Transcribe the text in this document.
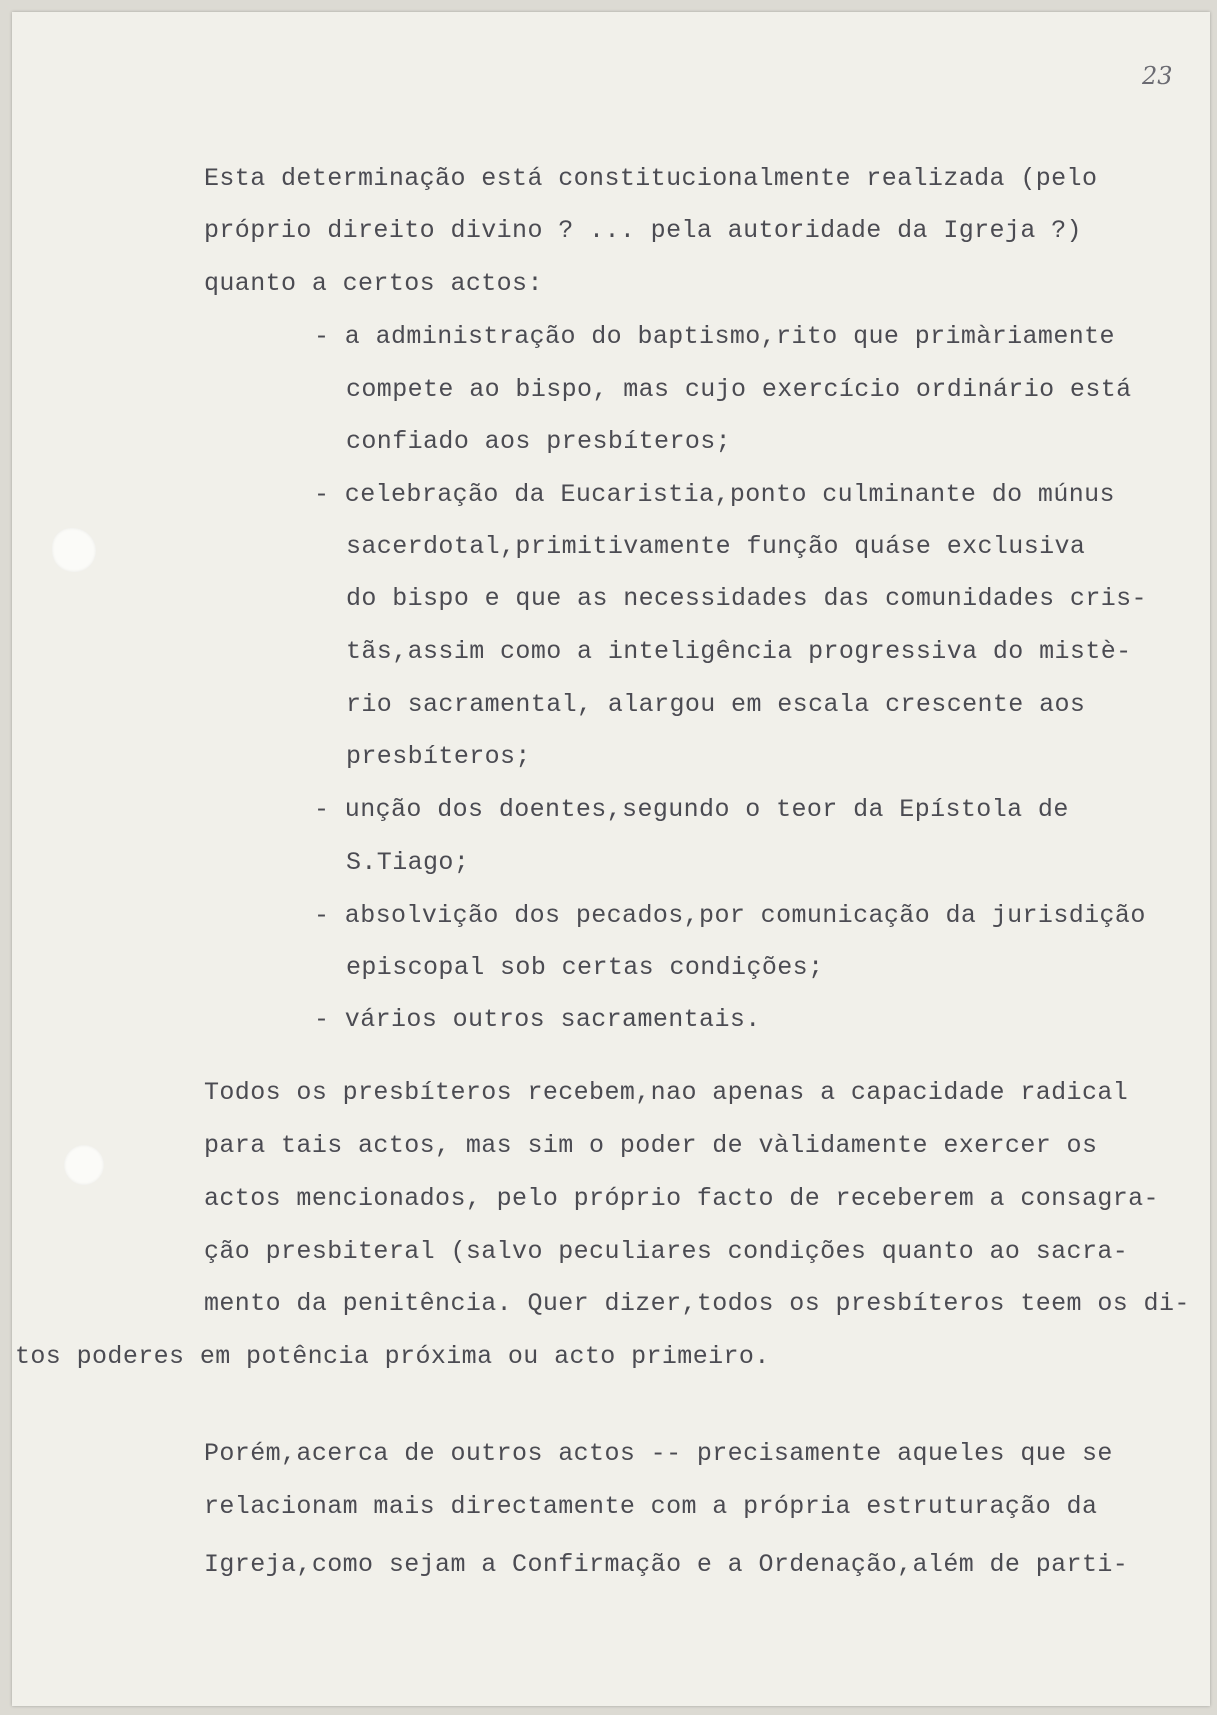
23

Esta determinação está constitucionalmente realizada (pelo

próprio direito divino ? ... pela autoridade da Igreja ?)

quanto a certos actos:

- a administração do baptismo,rito que primàriamente

compete ao bispo, mas cujo exercício ordinário está

confiado aos presbíteros;

- celebração da Eucaristia,ponto culminante do múnus

sacerdotal,primitivamente função quáse exclusiva

do bispo e que as necessidades das comunidades cris-

tãs,assim como a inteligência progressiva do mistè-

rio sacramental, alargou em escala crescente aos

presbíteros;

- unção dos doentes,segundo o teor da Epístola de

S.Tiago;

- absolvição dos pecados,por comunicação da jurisdição

episcopal sob certas condições;

- vários outros sacramentais.

Todos os presbíteros recebem,nao apenas a capacidade radical

para tais actos, mas sim o poder de vàlidamente exercer os

actos mencionados, pelo próprio facto de receberem a consagra-

ção presbiteral (salvo peculiares condições quanto ao sacra-

mento da penitência. Quer dizer,todos os presbíteros teem os di-

tos poderes em potência próxima ou acto primeiro.

Porém,acerca de outros actos -- precisamente aqueles que se

relacionam mais directamente com a própria estruturação da

Igreja,como sejam a Confirmação e a Ordenação,além de parti-
